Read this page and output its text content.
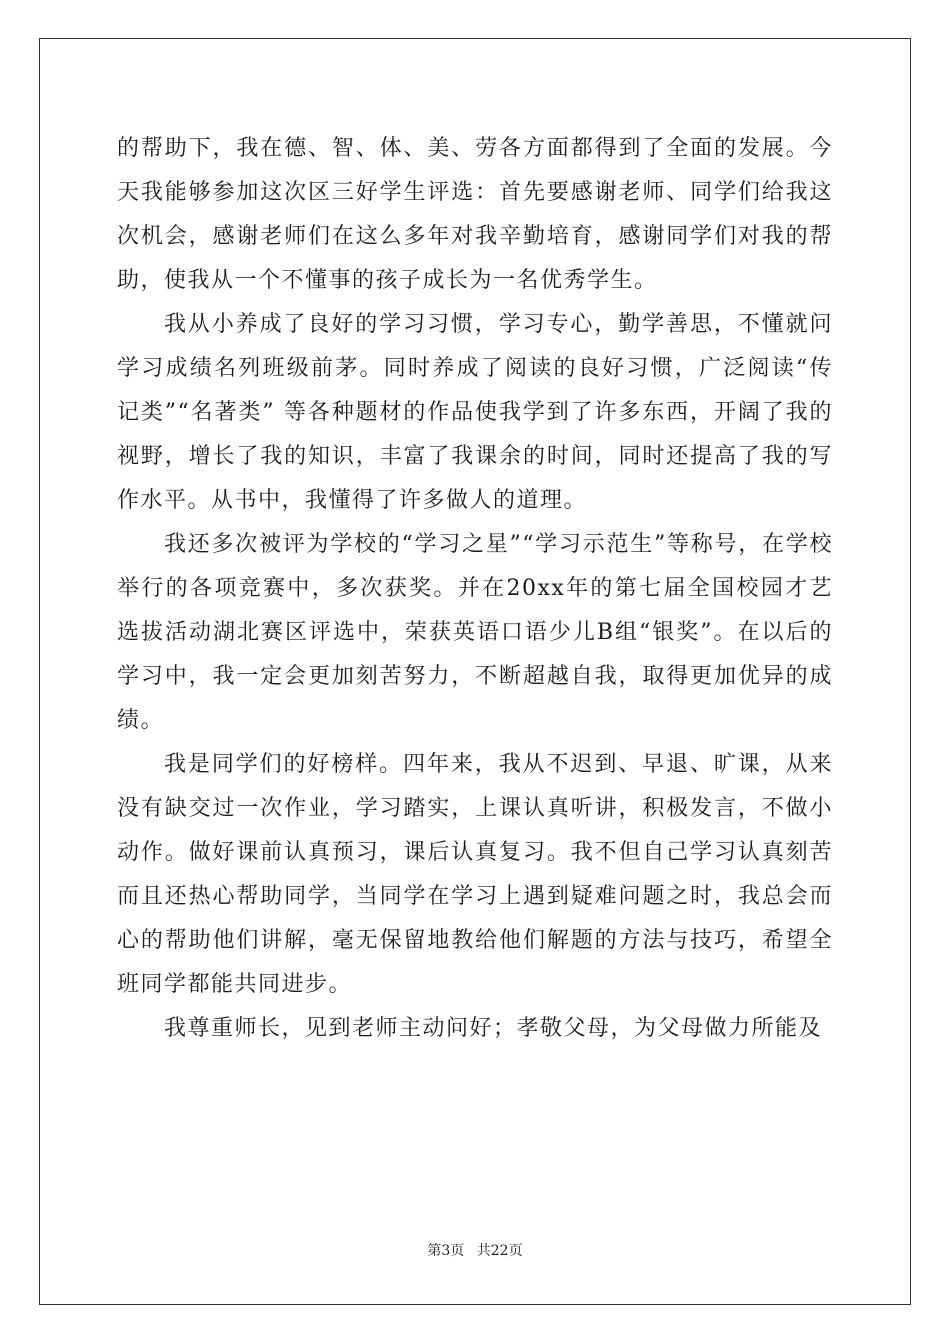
的帮助下，我在德、智、体、美、劳各方面都得到了全面的发展。今天我能够参加这次区三好学生评选：首先要感谢老师、同学们给我这次机会，感谢老师们在这么多年对我辛勤培育，感谢同学们对我的帮助，使我从一个不懂事的孩子成长为一名优秀学生。

我从小养成了良好的学习习惯，学习专心，勤学善思，不懂就问学习成绩名列班级前茅。同时养成了阅读的良好习惯，广泛阅读“传记类”“名著类” 等各种题材的作品使我学到了许多东西，开阔了我的视野，增长了我的知识，丰富了我课余的时间，同时还提高了我的写作水平。从书中，我懂得了许多做人的道理。

我还多次被评为学校的“学习之星”“学习示范生”等称号，在学校举行的各项竞赛中，多次获奖。并在20xx年的第七届全国校园才艺选拔活动湖北赛区评选中，荣获英语口语少儿B组“银奖”。在以后的学习中，我一定会更加刻苦努力，不断超越自我，取得更加优异的成绩。

我是同学们的好榜样。四年来，我从不迟到、早退、旷课，从来没有缺交过一次作业，学习踏实，上课认真听讲，积极发言，不做小动作。做好课前认真预习，课后认真复习。我不但自己学习认真刻苦而且还热心帮助同学，当同学在学习上遇到疑难问题之时，我总会而心的帮助他们讲解，毫无保留地教给他们解题的方法与技巧，希望全班同学都能共同进步。

我尊重师长，见到老师主动问好；孝敬父母，为父母做力所能及

第3页 共22页
